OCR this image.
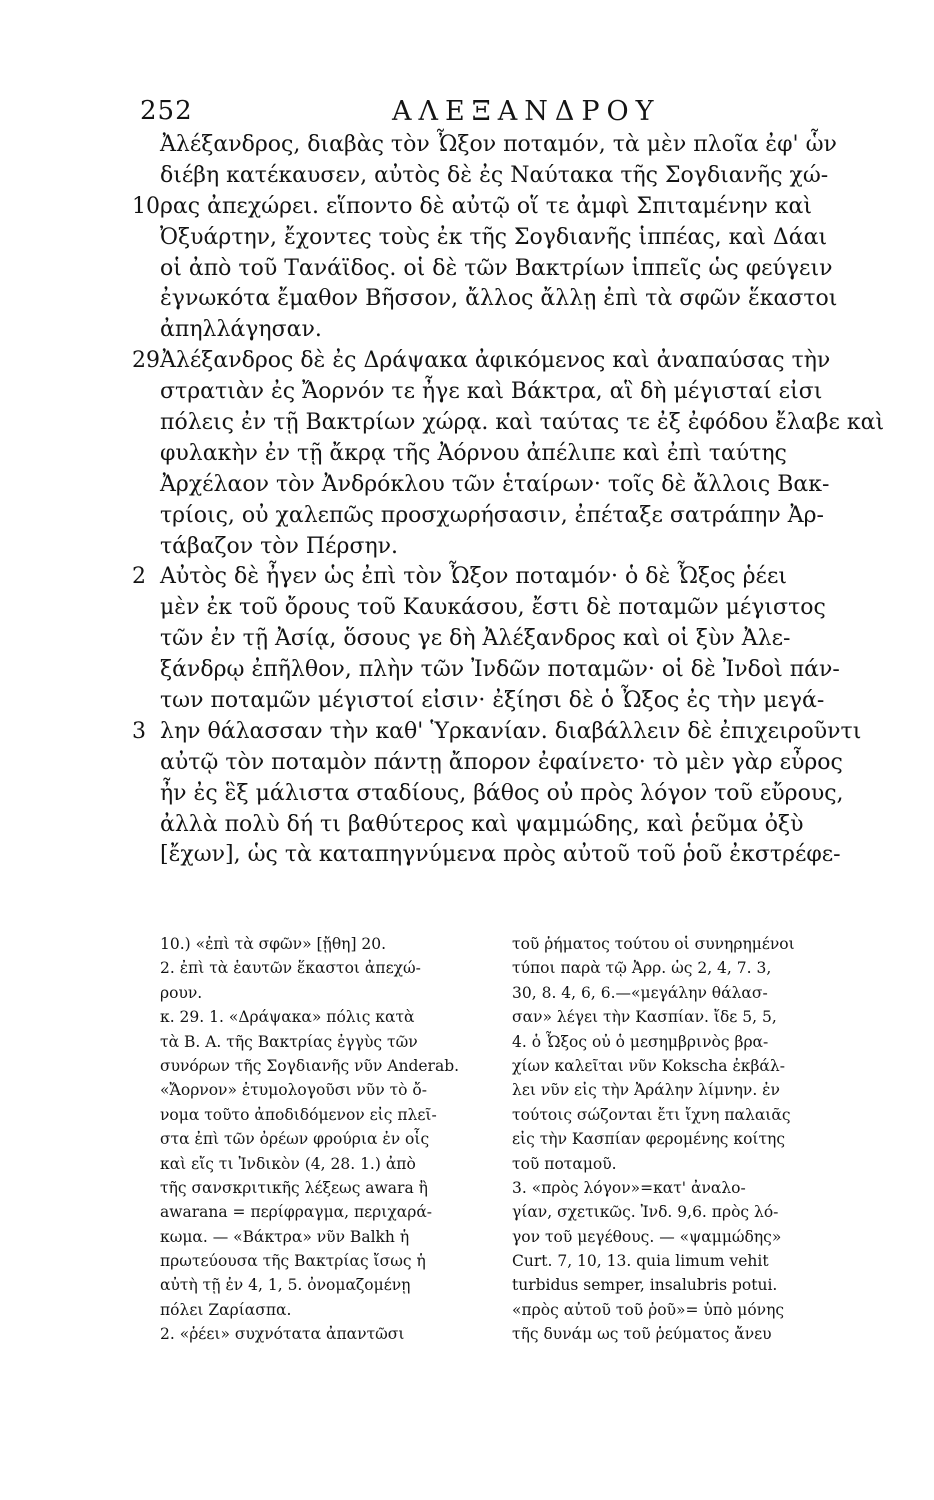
252	ΑΛΕΞΑΝΔΡΟΥ
Ἀλέξανδρος, διαβὰς τὸν Ὦξον ποταμόν, τὰ μὲν πλοῖα ἐφ' ὧν
διέβη κατέκαυσεν, αὐτὸς δὲ ἐς Ναύτακα τῆς Σογδιανῆς χώ-
10 ρας ἀπεχώρει. εἵποντο δὲ αὐτῷ οἵ τε ἀμφὶ Σπιταμένην καὶ
Ὀξυάρτην, ἔχοντες τοὺς ἐκ τῆς Σογδιανῆς ἱππέας, καὶ Δάαι
οἱ ἀπὸ τοῦ Τανάϊδος. οἱ δὲ τῶν Βακτρίων ἱππεῖς ὡς φεύγειν
ἐγνωκότα ἔμαθον Βῆσσον, ἄλλος ἄλλῃ ἐπὶ τὰ σφῶν ἕκαστοι
ἀπηλλάγησαν.
29 Ἀλέξανδρος δὲ ἐς Δράψακα ἀφικόμενος καὶ ἀναπαύσας τὴν
στρατιὰν ἐς Ἄορνόν τε ἦγε καὶ Βάκτρα, αἳ δὴ μέγισταί εἰσι
πόλεις ἐν τῇ Βακτρίων χώρᾳ. καὶ ταύτας τε ἐξ ἐφόδου ἔλαβε καὶ
φυλακὴν ἐν τῇ ἄκρᾳ τῆς Ἀόρνου ἀπέλιπε καὶ ἐπὶ ταύτης
Ἀρχέλαον τὸν Ἀνδρόκλου τῶν ἑταίρων· τοῖς δὲ ἄλλοις Βακ-
τρίοις, οὐ χαλεπῶς προσχωρήσασιν, ἐπέταξε σατράπην Ἀρ-
τάβαζον τὸν Πέρσην.
2 Αὐτὸς δὲ ἦγεν ὡς ἐπὶ τὸν Ὦξον ποταμόν· ὁ δὲ Ὦξος ῥέει
μὲν ἐκ τοῦ ὄρους τοῦ Καυκάσου, ἔστι δὲ ποταμῶν μέγιστος
τῶν ἐν τῇ Ἀσίᾳ, ὅσους γε δὴ Ἀλέξανδρος καὶ οἱ ξὺν Ἀλε-
ξάνδρῳ ἐπῆλθον, πλὴν τῶν Ἰνδῶν ποταμῶν· οἱ δὲ Ἰνδοὶ πάν-
των ποταμῶν μέγιστοί εἰσιν· ἐξίησι δὲ ὁ Ὦξος ἐς τὴν μεγά-
3 λην θάλασσαν τὴν καθ' Ὑρκανίαν. διαβάλλειν δὲ ἐπιχειροῦντι
αὐτῷ τὸν ποταμὸν πάντῃ ἄπορον ἐφαίνετο· τὸ μὲν γὰρ εὖρος
ἦν ἐς ἓξ μάλιστα σταδίους, βάθος οὐ πρὸς λόγον τοῦ εὔρους,
ἀλλὰ πολὺ δή τι βαθύτερος καὶ ψαμμώδης, καὶ ῥεῦμα ὀξὺ
[ἔχων], ὡς τὰ καταπηγνύμενα πρὸς αὐτοῦ τοῦ ῥοῦ ἐκστρέφε-
10.) «ἐπὶ τὰ σφῶν» [ᾔθη] 20.
2. ἐπὶ τὰ ἑαυτῶν ἕκαστοι ἀπεχώ-
ρουν.
κ. 29. 1. «Δράψακα» πόλις κατὰ
τὰ Β. Α. τῆς Βακτρίας ἐγγὺς τῶν
συνόρων τῆς Σογδιανῆς νῦν Anderab.
«Ἄορνον» ἐτυμολογοῦσι νῦν τὸ ὄ-
νομα τοῦτο ἀποδιδόμενον εἰς πλεῖ-
στα ἐπὶ τῶν ὀρέων φρούρια ἐν οἷς
καὶ εἴς τι Ἰνδικὸν (4, 28. 1.) ἀπὸ
τῆς σανσκριτικῆς λέξεως awara ἢ
awarana = περίφραγμα, περιχαρά-
κωμα. — «Βάκτρα» νῦν Balkh ἡ
πρωτεύουσα τῆς Βακτρίας ἴσως ἡ
αὐτὴ τῇ ἐν 4, 1, 5. ὀνομαζομένῃ
πόλει Ζαρίασπα.
2. «ῥέει» συχνότατα ἀπαντῶσι
τοῦ ῥήματος τούτου οἱ συνηρημένοι
τύποι παρὰ τῷ Ἀρρ. ὡς 2, 4, 7. 3,
30, 8. 4, 6, 6.—«μεγάλην θάλασ-
σαν» λέγει τὴν Κασπίαν. ἴδε 5, 5,
4. ὁ Ὦξος οὐ ὁ μεσημβρινὸς βρα-
χίων καλεῖται νῦν Kokscha ἐκβάλ-
λει νῦν εἰς τὴν Ἀράλην λίμνην. ἐν
τούτοις σώζονται ἔτι ἴχνη παλαιᾶς
εἰς τὴν Κασπίαν φερομένης κοίτης
τοῦ ποταμοῦ.
3. «πρὸς λόγον»=κατ' ἀναλο-
γίαν, σχετικῶς. Ἰνδ. 9,6. πρὸς λό-
γον τοῦ μεγέθους. — «ψαμμώδης»
Curt. 7, 10, 13. quia limum vehit
turbidus semper, insalubris potui.
«πρὸς αὐτοῦ τοῦ ῥοῦ»= ὑπὸ μόνης
τῆς δυνάμ ως τοῦ ῥεύματος ἄνευ
